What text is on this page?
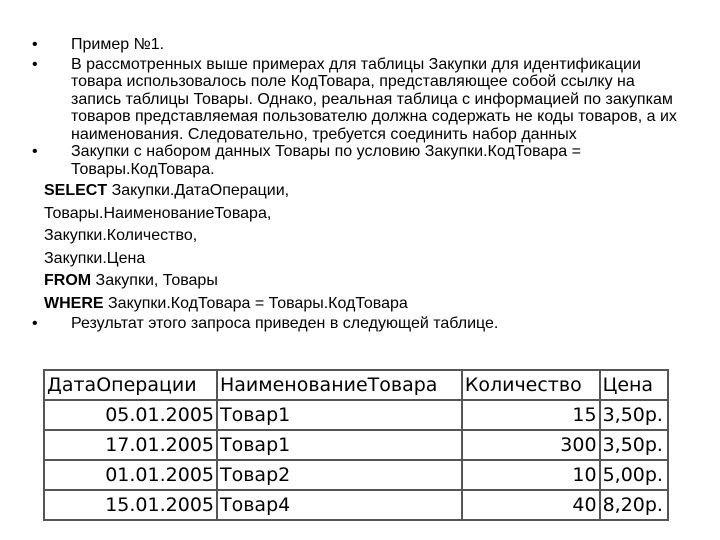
•	Пример №1.

•	В рассмотренных выше примерах для таблицы Закупки для идентификации товара использовалось поле КодТовара, представляющее собой ссылку на запись таблицы Товары. Однако, реальная таблица с информацией по закупкам товаров представляемая пользователю должна содержать не коды товаров, а их наименования. Следовательно, требуется соединить набор данных

•	Закупки с набором данных Товары по условию Закупки.КодТовара = Товары.КодТовара.

SELECT Закупки.ДатаОперации,

Товары.НаименованиеТовара,

Закупки.Количество,

Закупки.Цена

FROM Закупки, Товары

WHERE Закупки.КодТовара = Товары.КодТовара

•	Результат этого запроса приведен в следующей таблице.

ДатаОперации	НаименованиеТовара	Количество	Цена
05.01.2005	Товар1	15	3,50р.
17.01.2005	Товар1	300	3,50р.
01.01.2005	Товар2	10	5,00р.
15.01.2005	Товар4	40	8,20р.
